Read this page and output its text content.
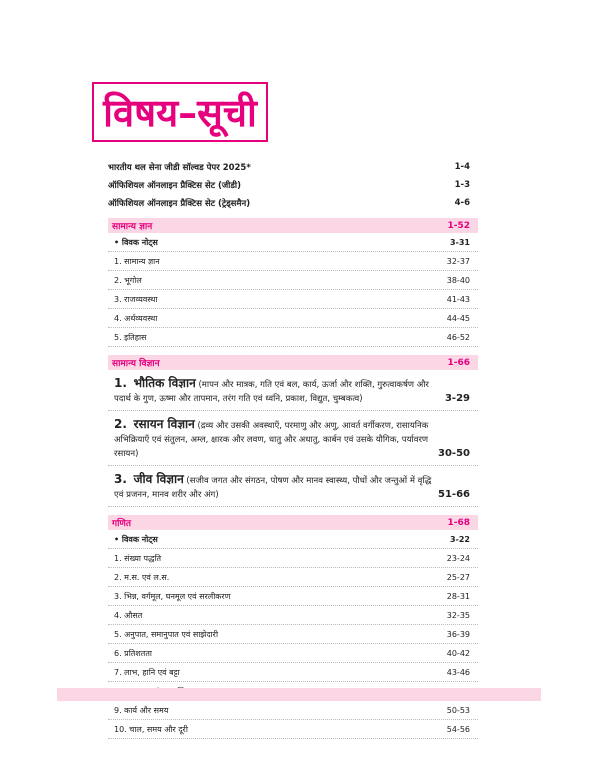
विषय–सूची
भारतीय थल सेना जीडी सॉल्वड पेपर 2025*	1-4
ऑफिशियल ऑनलाइन प्रैक्टिस सेट (जीडी)	1-3
ऑफिशियल ऑनलाइन प्रैक्टिस सेट (ट्रेड्समैन)	4-6
सामान्य ज्ञान	1-52
• विवक नोट्स	3-31
1. सामान्य ज्ञान	32-37
2. भूगोल	38-40
3. राजव्यवस्था	41-43
4. अर्थव्यवस्था	44-45
5. इतिहास	46-52
सामान्य विज्ञान	1-66
1. भौतिक विज्ञान (मापन और मात्रक, गति एवं बल, कार्य, ऊर्जा और शक्ति, गुरुत्वाकर्षण और पदार्थ के गुण, ऊष्मा और तापमान, तरंग गति एवं ध्वनि, प्रकाश, विद्युत, चुम्बकत्व)	3-29
2. रसायन विज्ञान (द्रव्य और उसकी अवस्थाएँ, परमाणु और अणु, आवर्त वर्गीकरण, रासायनिक अभिक्रियाएँ एवं संतुलन, अम्ल, क्षारक और लवण, धातु और अधातु, कार्बन एवं उसके यौगिक, पर्यावरण रसायन)	30-50
3. जीव विज्ञान (सजीव जगत और संगठन, पोषण और मानव स्वास्थ्य, पौधों और जन्तुओं में वृद्धि एवं प्रजनन, मानव शरीर और अंग)	51-66
गणित	1-68
• विवक नोट्स	3-22
1. संख्या पद्धति	23-24
2. म.स. एवं ल.स.	25-27
3. भिन्न, वर्गमूल, घनमूल एवं सरलीकरण	28-31
4. औसत	32-35
5. अनुपात, समानुपात एवं साझेदारी	36-39
6. प्रतिशतता	40-42
7. लाभ, हानि एवं बट्टा	43-46
9. कार्य और समय	50-53
10. चाल, समय और दूरी	54-56
